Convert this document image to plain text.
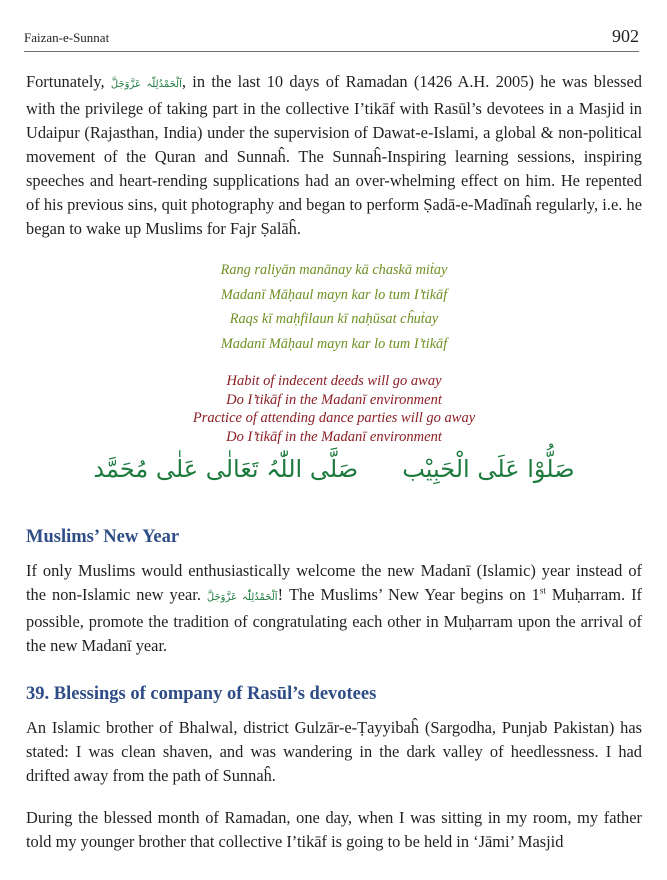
Faizan-e-Sunnat	902

Fortunately, اَلْحَمْدُلِلّٰہ عَزَّوَجَلَّ, in the last 10 days of Ramadan (1426 A.H. 2005) he was blessed with the privilege of taking part in the collective I’tikāf with Rasūl’s devotees in a Masjid in Udaipur (Rajasthan, India) under the supervision of Dawat-e-Islami, a global & non-political movement of the Quran and Sunnaĥ. The Sunnaĥ-Inspiring learning sessions, inspiring speeches and heart-rending supplications had an over-whelming effect on him. He repented of his previous sins, quit photography and began to perform Ṣadā-e-Madīnaĥ regularly, i.e. he began to wake up Muslims for Fajr Ṣalāĥ.

Rang raliyān manānay kā chaskā miṫay
Madanī Māḥaul mayn kar lo tum I’tikāf
Raqs kī maḥfilaun kī naḥūsat cĥuṫay
Madanī Māḥaul mayn kar lo tum I’tikāf
Habit of indecent deeds will go away
Do I’tikāf in the Madanī environment
Practice of attending dance parties will go away
Do I’tikāf in the Madanī environment
صَلُّوْا عَلَی الْحَبِیْب
صَلَّی اللّٰہُ تَعَالٰی عَلٰی مُحَمَّد
Muslims’ New Year

If only Muslims would enthusiastically welcome the new Madanī (Islamic) year instead of the non-Islamic new year. اَلْحَمْدُلِلّٰہ عَزَّوَجَلَّ! The Muslims’ New Year begins on 1st Muḥarram. If possible, promote the tradition of congratulating each other in Muḥarram upon the arrival of the new Madanī year.

39. Blessings of company of Rasūl’s devotees

An Islamic brother of Bhalwal, district Gulzār-e-Ṭayyibaĥ (Sargodha, Punjab Pakistan) has stated: I was clean shaven, and was wandering in the dark valley of heedlessness. I had drifted away from the path of Sunnaĥ.

During the blessed month of Ramadan, one day, when I was sitting in my room, my father told my younger brother that collective I’tikāf is going to be held in ‘Jāmi’ Masjid
